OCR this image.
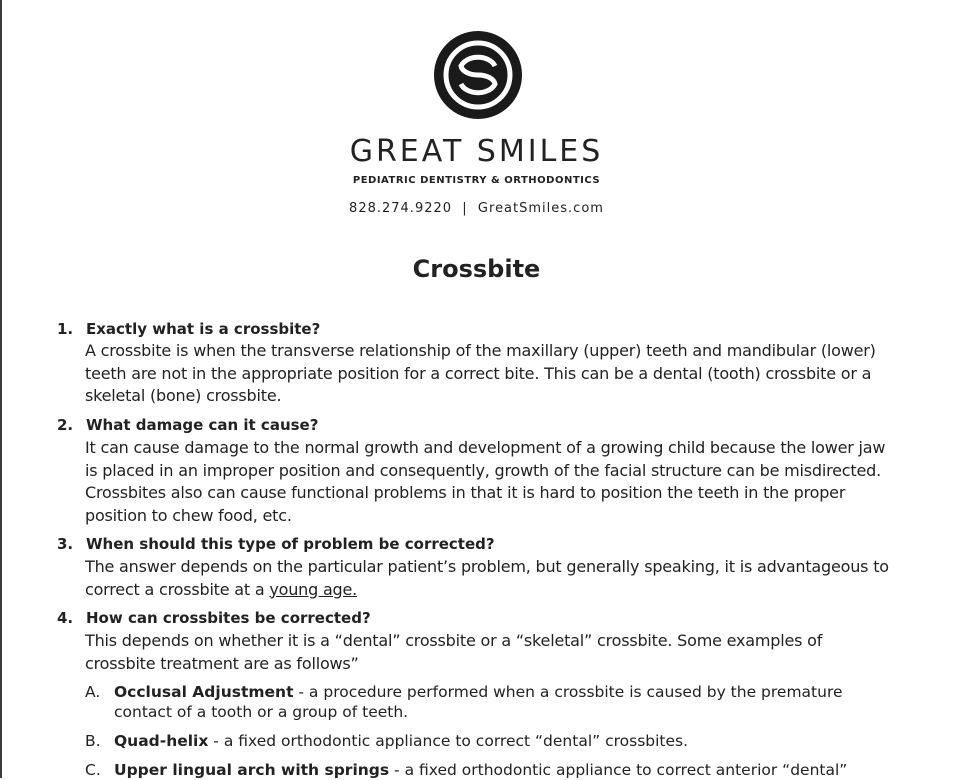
GREAT SMILES
PEDIATRIC DENTISTRY & ORTHODONTICS
828.274.9220  |  GreatSmiles.com
Crossbite
1. Exactly what is a crossbite?
A crossbite is when the transverse relationship of the maxillary (upper) teeth and mandibular (lower) teeth are not in the appropriate position for a correct bite. This can be a dental (tooth) crossbite or a skeletal (bone) crossbite.
2. What damage can it cause?
It can cause damage to the normal growth and development of a growing child because the lower jaw is placed in an improper position and consequently, growth of the facial structure can be misdirected. Crossbites also can cause functional problems in that it is hard to position the teeth in the proper position to chew food, etc.
3. When should this type of problem be corrected?
The answer depends on the particular patient’s problem, but generally speaking, it is advantageous to correct a crossbite at a young age.
4. How can crossbites be corrected?
This depends on whether it is a “dental” crossbite or a “skeletal” crossbite. Some examples of crossbite treatment are as follows”
A. Occlusal Adjustment - a procedure performed when a crossbite is caused by the premature contact of a tooth or a group of teeth.
B. Quad-helix - a fixed orthodontic appliance to correct “dental” crossbites.
C. Upper lingual arch with springs - a fixed orthodontic appliance to correct anterior “dental”
